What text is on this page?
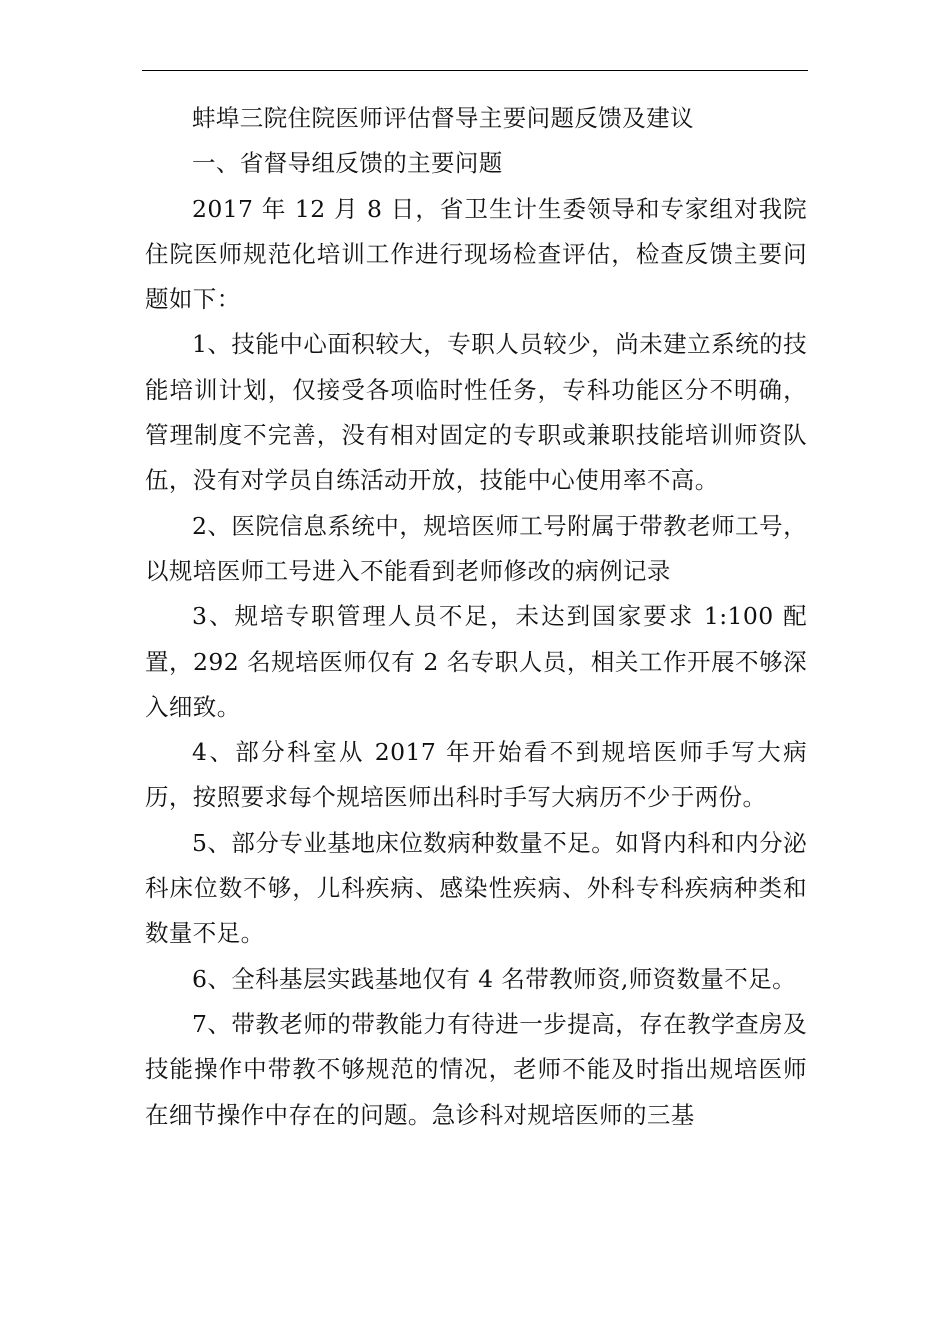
蚌埠三院住院医师评估督导主要问题反馈及建议

一、省督导组反馈的主要问题

2017 年 12 月 8 日，省卫生计生委领导和专家组对我院住院医师规范化培训工作进行现场检查评估，检查反馈主要问题如下：

1、技能中心面积较大，专职人员较少，尚未建立系统的技能培训计划，仅接受各项临时性任务，专科功能区分不明确，管理制度不完善，没有相对固定的专职或兼职技能培训师资队伍，没有对学员自练活动开放，技能中心使用率不高。

2、医院信息系统中，规培医师工号附属于带教老师工号，以规培医师工号进入不能看到老师修改的病例记录

3、规培专职管理人员不足，未达到国家要求 1:100 配置，292 名规培医师仅有 2 名专职人员，相关工作开展不够深入细致。

4、部分科室从 2017 年开始看不到规培医师手写大病历，按照要求每个规培医师出科时手写大病历不少于两份。

5、部分专业基地床位数病种数量不足。如肾内科和内分泌科床位数不够，儿科疾病、感染性疾病、外科专科疾病种类和数量不足。

6、全科基层实践基地仅有 4 名带教师资,师资数量不足。

7、带教老师的带教能力有待进一步提高，存在教学查房及技能操作中带教不够规范的情况，老师不能及时指出规培医师在细节操作中存在的问题。急诊科对规培医师的三基
